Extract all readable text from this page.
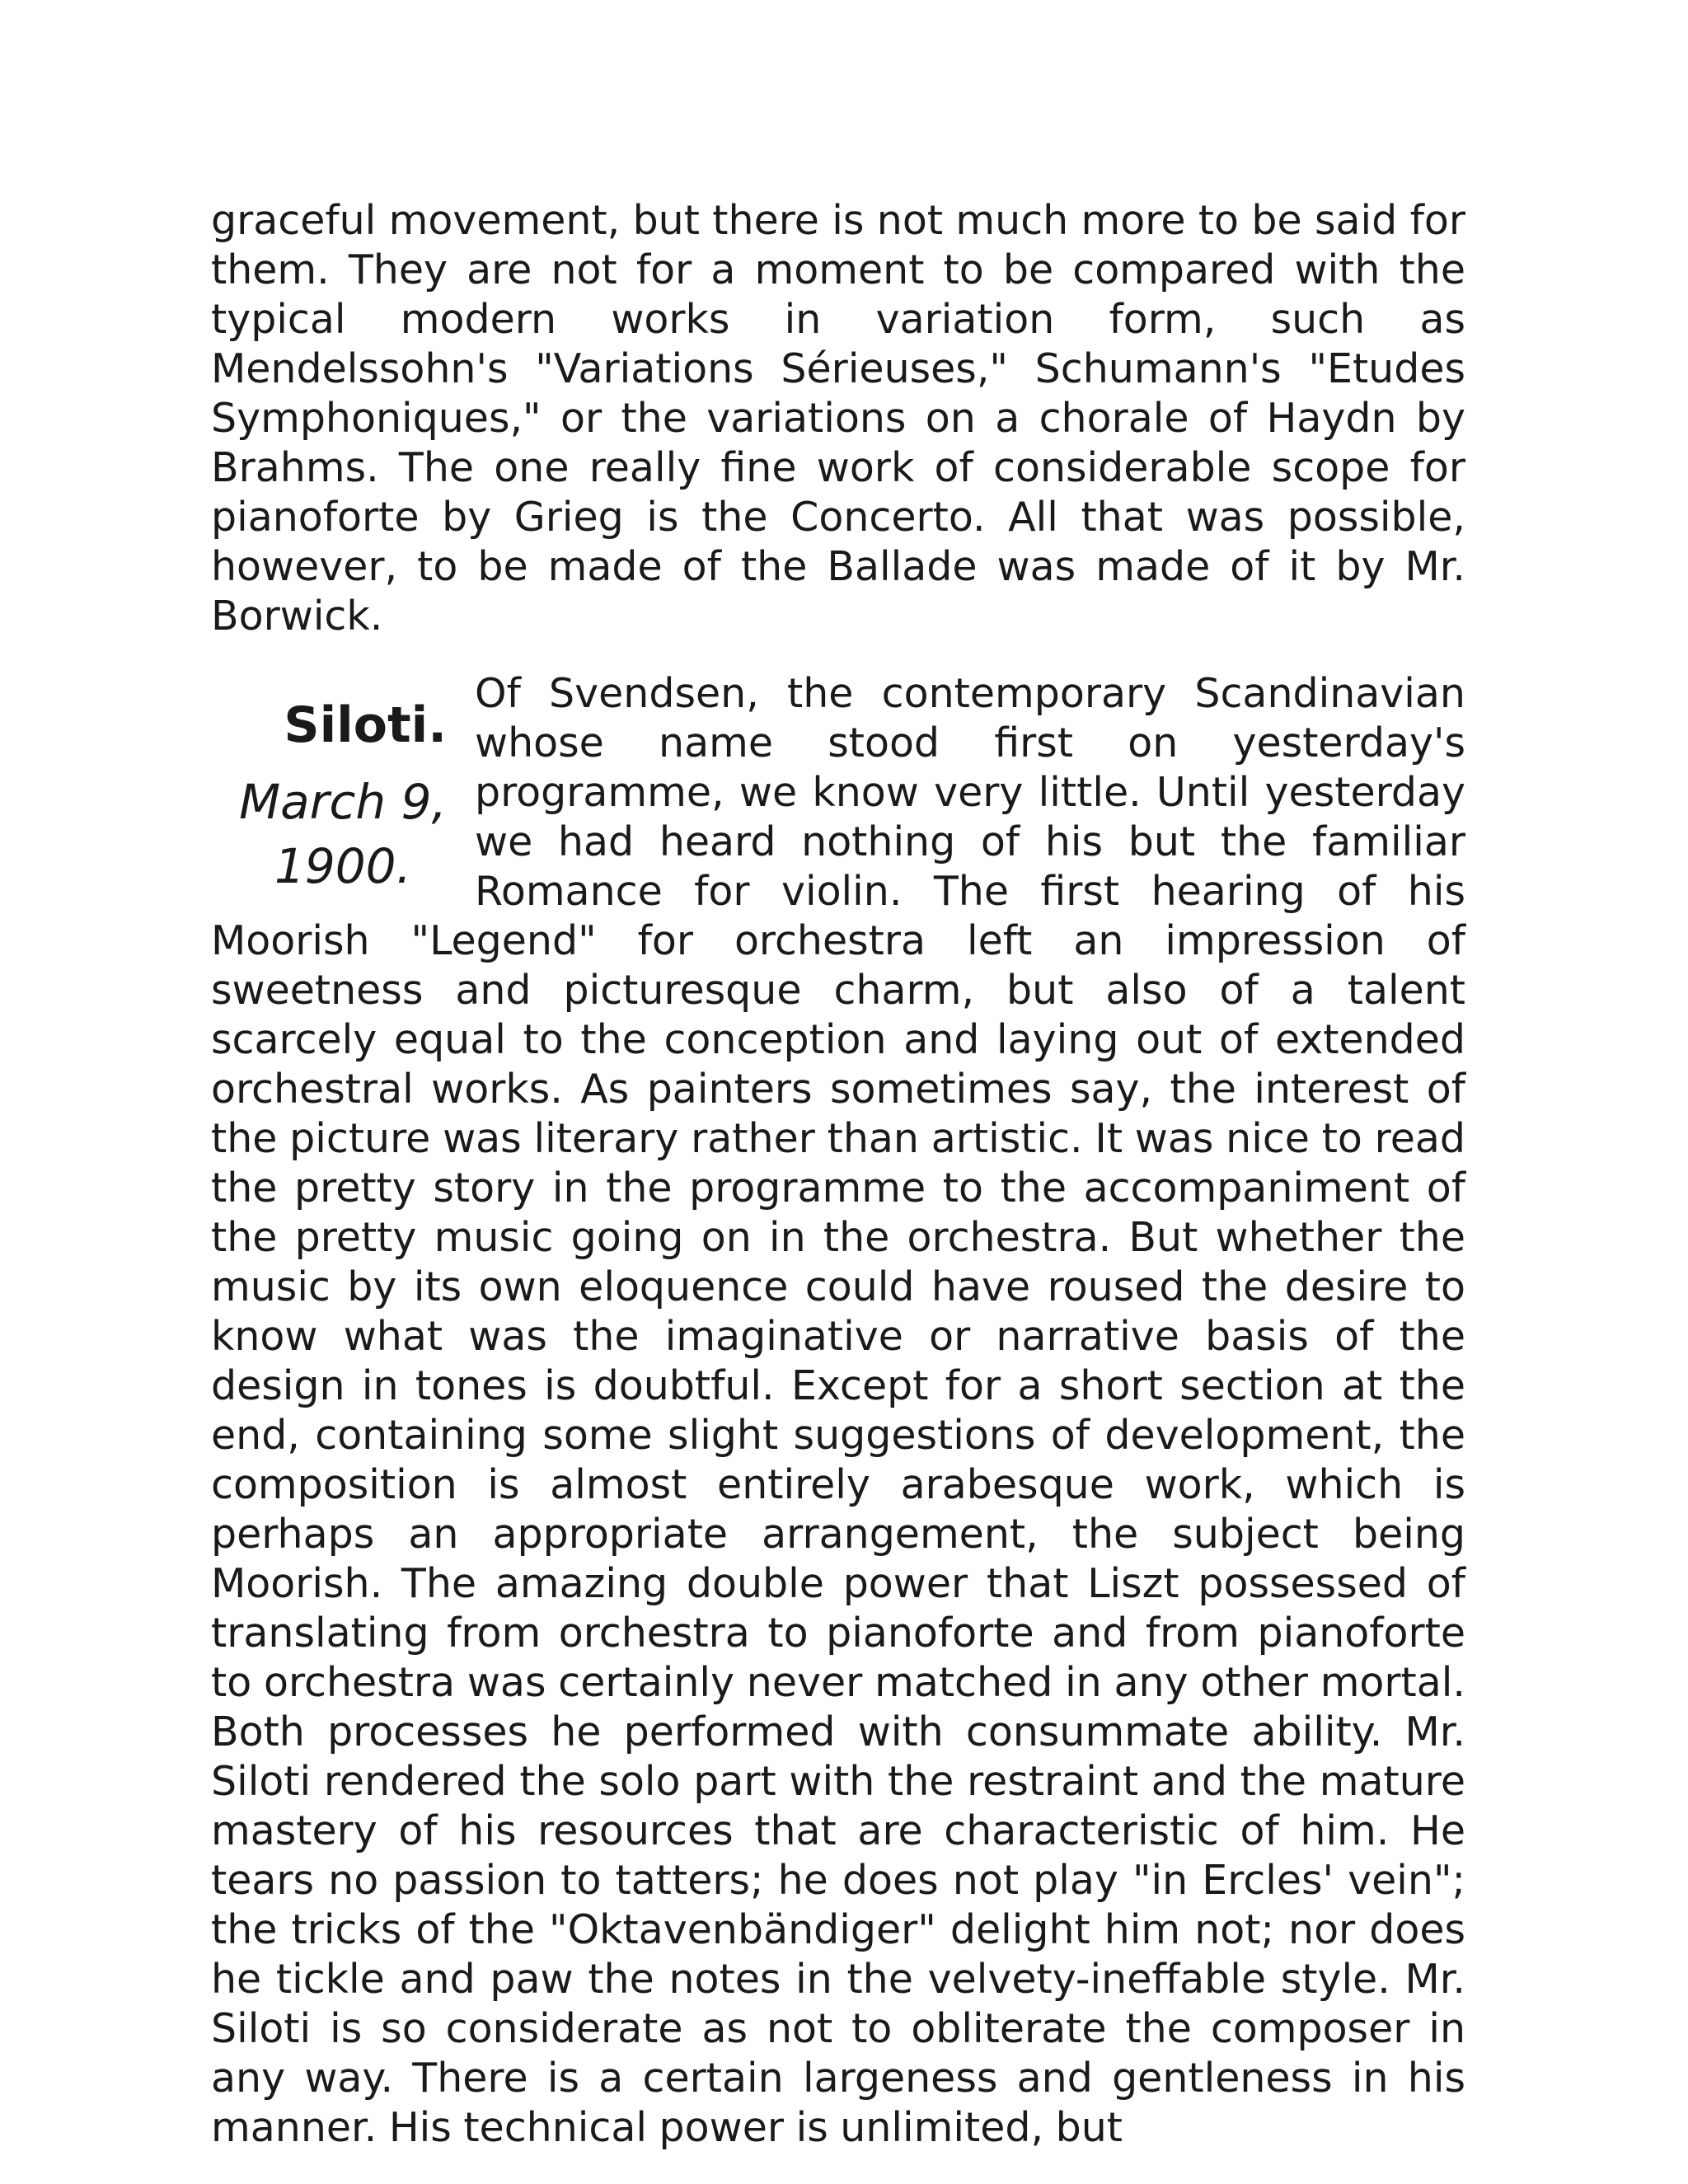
graceful movement, but there is not much more to be said for them. They are not for a moment to be compared with the typical modern works in variation form, such as Mendelssohn's "Variations Sérieuses," Schumann's "Etudes Symphoniques," or the variations on a chorale of Haydn by Brahms. The one really fine work of considerable scope for pianoforte by Grieg is the Concerto. All that was possible, however, to be made of the Ballade was made of it by Mr. Borwick.

Siloti.
March 9,
1900.

Of Svendsen, the contemporary Scandinavian whose name stood first on yesterday's programme, we know very little. Until yesterday we had heard nothing of his but the familiar Romance for violin. The first hearing of his Moorish "Legend" for orchestra left an impression of sweetness and picturesque charm, but also of a talent scarcely equal to the conception and laying out of extended orchestral works. As painters sometimes say, the interest of the picture was literary rather than artistic. It was nice to read the pretty story in the programme to the accompaniment of the pretty music going on in the orchestra. But whether the music by its own eloquence could have roused the desire to know what was the imaginative or narrative basis of the design in tones is doubtful. Except for a short section at the end, containing some slight suggestions of development, the composition is almost entirely arabesque work, which is perhaps an appropriate arrangement, the subject being Moorish. The amazing double power that Liszt possessed of translating from orchestra to pianoforte and from pianoforte to orchestra was certainly never matched in any other mortal. Both processes he performed with consummate ability. Mr. Siloti rendered the solo part with the restraint and the mature mastery of his resources that are characteristic of him. He tears no passion to tatters; he does not play "in Ercles' vein"; the tricks of the "Oktavenbändiger" delight him not; nor does he tickle and paw the notes in the velvety-ineffable style. Mr. Siloti is so considerate as not to obliterate the composer in any way. There is a certain largeness and gentleness in his manner. His technical power is unlimited, but
